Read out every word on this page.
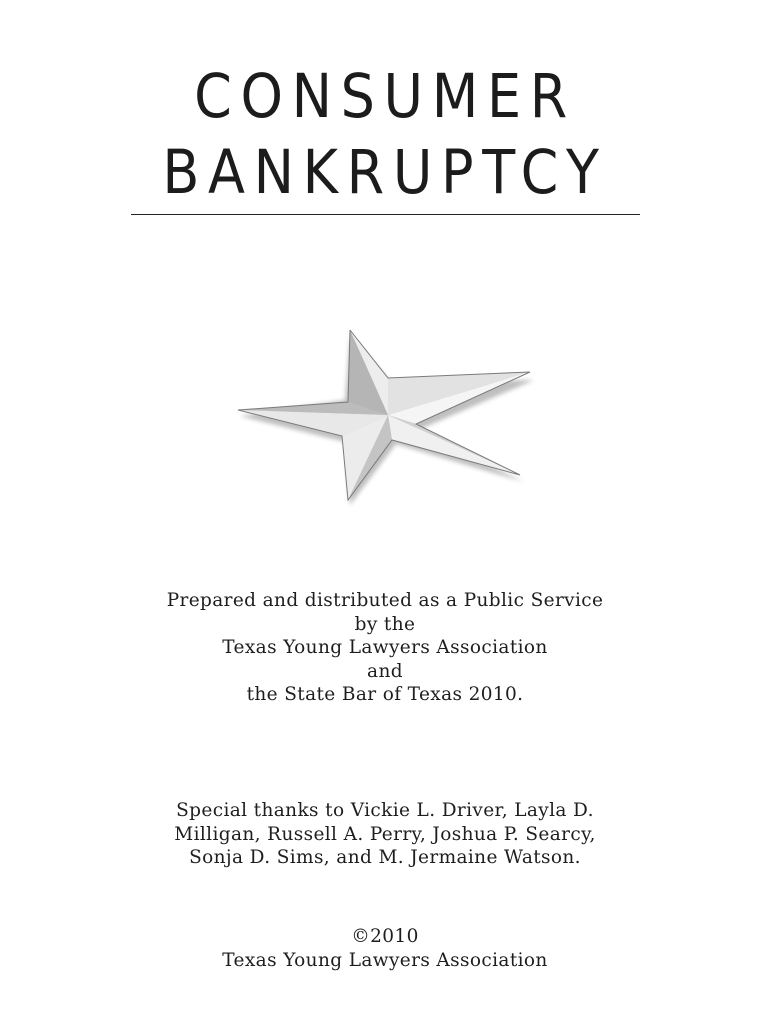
CONSUMER
BANKRUPTCY
Prepared and distributed as a Public Service
by the
Texas Young Lawyers Association
and
the State Bar of Texas 2010.
Special thanks to Vickie L. Driver, Layla D.
Milligan, Russell A. Perry, Joshua P. Searcy,
Sonja D. Sims, and M. Jermaine Watson.
©2010
Texas Young Lawyers Association
